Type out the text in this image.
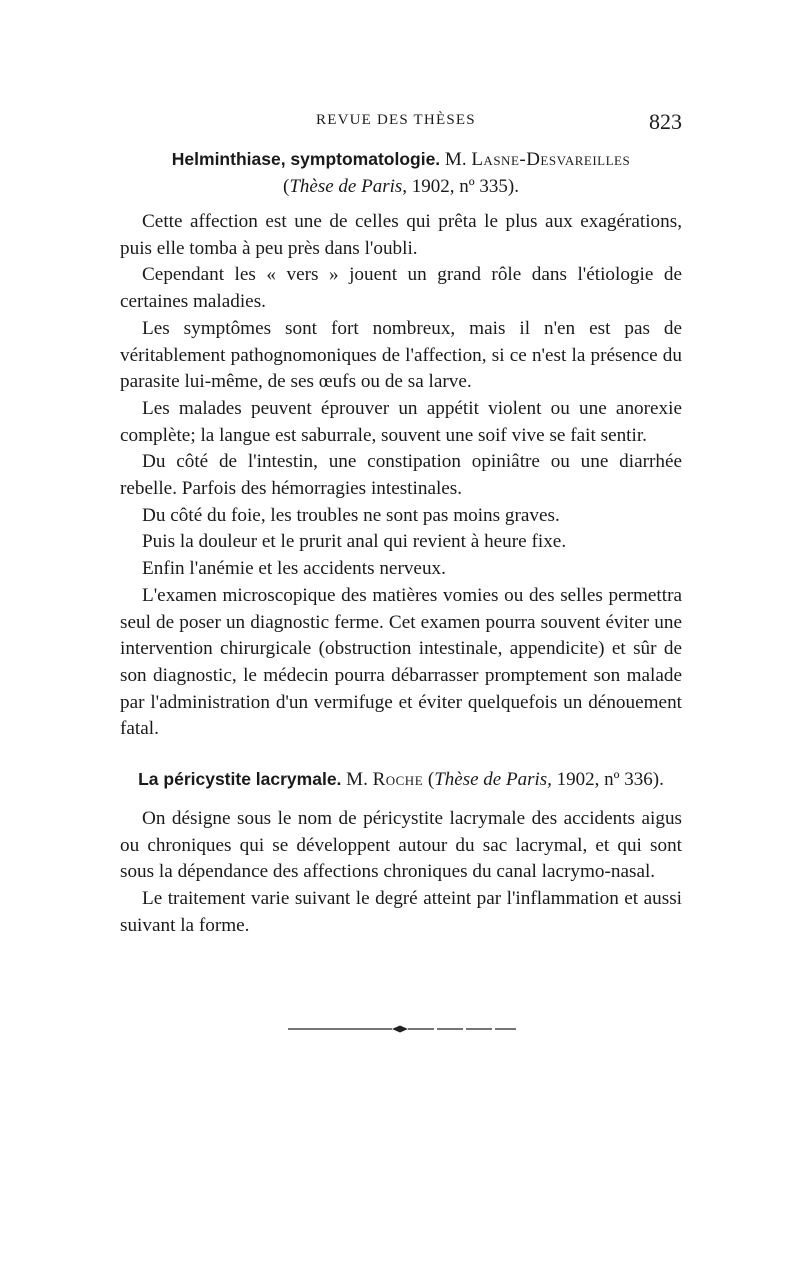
REVUE DES THÈSES	823
Helminthiase, symptomatologie. M. Lasne-Desvareilles
(Thèse de Paris, 1902, nº 335).

Cette affection est une de celles qui prêta le plus aux exagérations, puis elle tomba à peu près dans l'oubli.

Cependant les « vers » jouent un grand rôle dans l'étiologie de certaines maladies.

Les symptômes sont fort nombreux, mais il n'en est pas de véritablement pathognomoniques de l'affection, si ce n'est la présence du parasite lui-même, de ses œufs ou de sa larve.

Les malades peuvent éprouver un appétit violent ou une anorexie complète; la langue est saburrale, souvent une soif vive se fait sentir.

Du côté de l'intestin, une constipation opiniâtre ou une diarrhée rebelle. Parfois des hémorragies intestinales.

Du côté du foie, les troubles ne sont pas moins graves.

Puis la douleur et le prurit anal qui revient à heure fixe.

Enfin l'anémie et les accidents nerveux.

L'examen microscopique des matières vomies ou des selles permettra seul de poser un diagnostic ferme. Cet examen pourra souvent éviter une intervention chirurgicale (obstruction intestinale, appendicite) et sûr de son diagnostic, le médecin pourra débarrasser promptement son malade par l'administration d'un vermifuge et éviter quelquefois un dénouement fatal.

La péricystite lacrymale. M. Roche (Thèse de Paris, 1902, nº 336).

On désigne sous le nom de péricystite lacrymale des accidents aigus ou chroniques qui se développent autour du sac lacrymal, et qui sont sous la dépendance des affections chroniques du canal lacrymo-nasal.

Le traitement varie suivant le degré atteint par l'inflammation et aussi suivant la forme.
